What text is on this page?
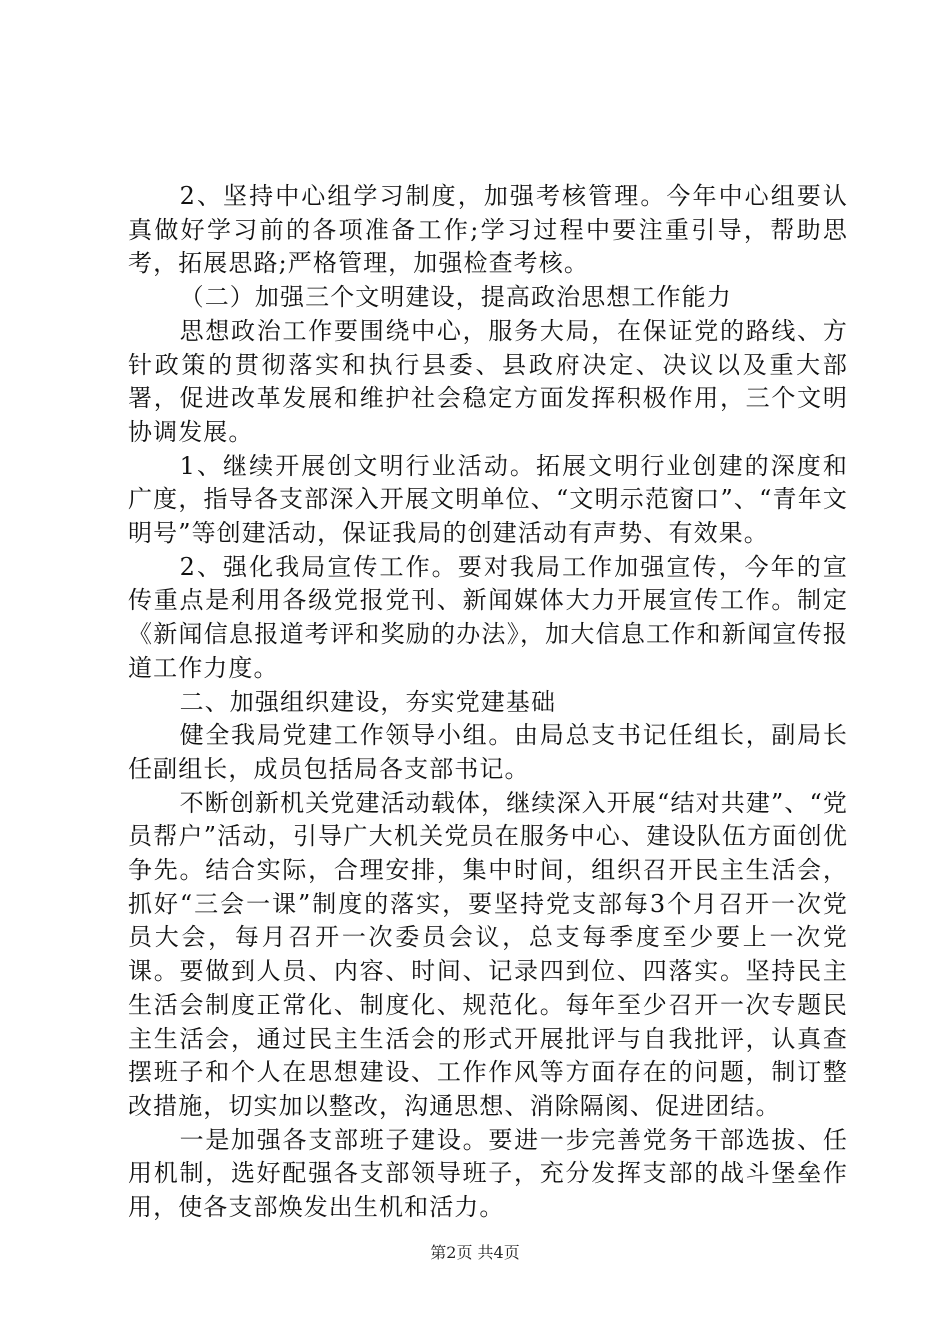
2、坚持中心组学习制度，加强考核管理。今年中心组要认真做好学习前的各项准备工作;学习过程中要注重引导，帮助思考，拓展思路;严格管理，加强检查考核。

（二）加强三个文明建设，提高政治思想工作能力

思想政治工作要围绕中心，服务大局，在保证党的路线、方针政策的贯彻落实和执行县委、县政府决定、决议以及重大部署，促进改革发展和维护社会稳定方面发挥积极作用，三个文明协调发展。

1、继续开展创文明行业活动。拓展文明行业创建的深度和广度，指导各支部深入开展文明单位、“文明示范窗口”、“青年文明号”等创建活动，保证我局的创建活动有声势、有效果。

2、强化我局宣传工作。要对我局工作加强宣传，今年的宣传重点是利用各级党报党刊、新闻媒体大力开展宣传工作。制定《新闻信息报道考评和奖励的办法》，加大信息工作和新闻宣传报道工作力度。

二、加强组织建设，夯实党建基础

健全我局党建工作领导小组。由局总支书记任组长，副局长任副组长，成员包括局各支部书记。

不断创新机关党建活动载体，继续深入开展“结对共建”、“党员帮户”活动，引导广大机关党员在服务中心、建设队伍方面创优争先。结合实际，合理安排，集中时间，组织召开民主生活会，抓好“三会一课”制度的落实，要坚持党支部每3个月召开一次党员大会，每月召开一次委员会议，总支每季度至少要上一次党课。要做到人员、内容、时间、记录四到位、四落实。坚持民主生活会制度正常化、制度化、规范化。每年至少召开一次专题民主生活会，通过民主生活会的形式开展批评与自我批评，认真查摆班子和个人在思想建设、工作作风等方面存在的问题，制订整改措施，切实加以整改，沟通思想、消除隔阂、促进团结。

一是加强各支部班子建设。要进一步完善党务干部选拔、任用机制，选好配强各支部领导班子，充分发挥支部的战斗堡垒作用，使各支部焕发出生机和活力。

第2页 共4页
